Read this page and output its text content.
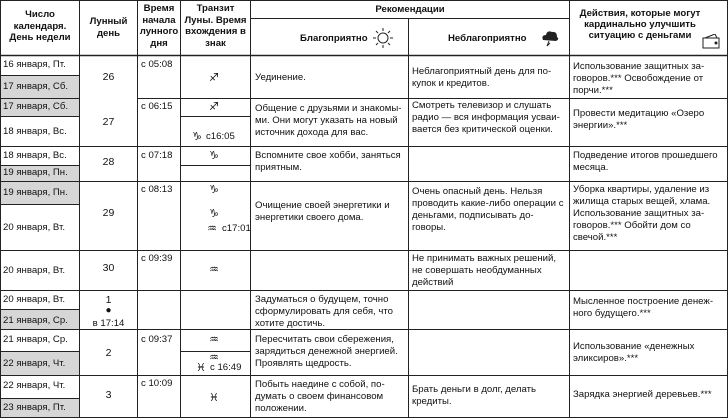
Число календаря. День недели
Лунный день
Время начала лунного дня
Транзит Луны. Время вхождения в знак
Рекомендации
Благоприятно	Неблагоприятно
Действия, которые могут кардинально улучшить ситуацию с деньгами
16 января, Пт.
17 января, Сб.
17 января, Сб.
18 января, Вс.
18 января, Вс.
19 января, Пн.
19 января, Пн.
20 января, Вт.
20 января, Вт.
20 января, Вт.
21 января, Ср.
21 января, Ср.
22 января, Чт.
22 января, Чт.
23 января, Пт.
26
27
28
29
30
1
●
в 17:14
2
3
с 05:08
с 06:15
с 07:18
с 08:13
с 09:39
с 09:37
с 10:09
♐
♐
♑ с16:05
♑
♑
♑
♒ с17:01
♒
♒
♒
♓ с 16:49
♓
Уединение.
Общение с друзьями и знакомы-ми. Они могут указать на новый источник дохода для вас.
Вспомните свое хобби, заняться приятным.
Очищение своей энергетики и энергетики своего дома.
Задуматься о будущем, точно сформулировать для себя, что хотите достичь.
Пересчитать свои сбережения, зарядиться денежной энергией. Проявлять щедрость.
Побыть наедине с собой, по-думать о своем финансовом положении.
Неблагоприятный день для по-купок и кредитов.
Смотреть телевизор и слушать радио — вся информация усваи-вается без критической оценки.
Очень опасный день. Нельзя проводить какие-либо операции с деньгами, подписывать до-говоры.
Не принимать важных решений, не совершать необдуманных действий
Брать деньги в долг, делать кредиты.
Использование защитных за-говоров.*** Освобождение от порчи.***
Провести медитацию «Озеро энергии».***
Подведение итогов прошедшего месяца.
Уборка квартиры, удаление из жилища старых вещей, хлама. Использование защитных за-говоров.*** Обойти дом со свечой.***
Мысленное построение денеж-ного будущего.***
Использование «денежных эликсиров».***
Зарядка энергией деревьев.***
